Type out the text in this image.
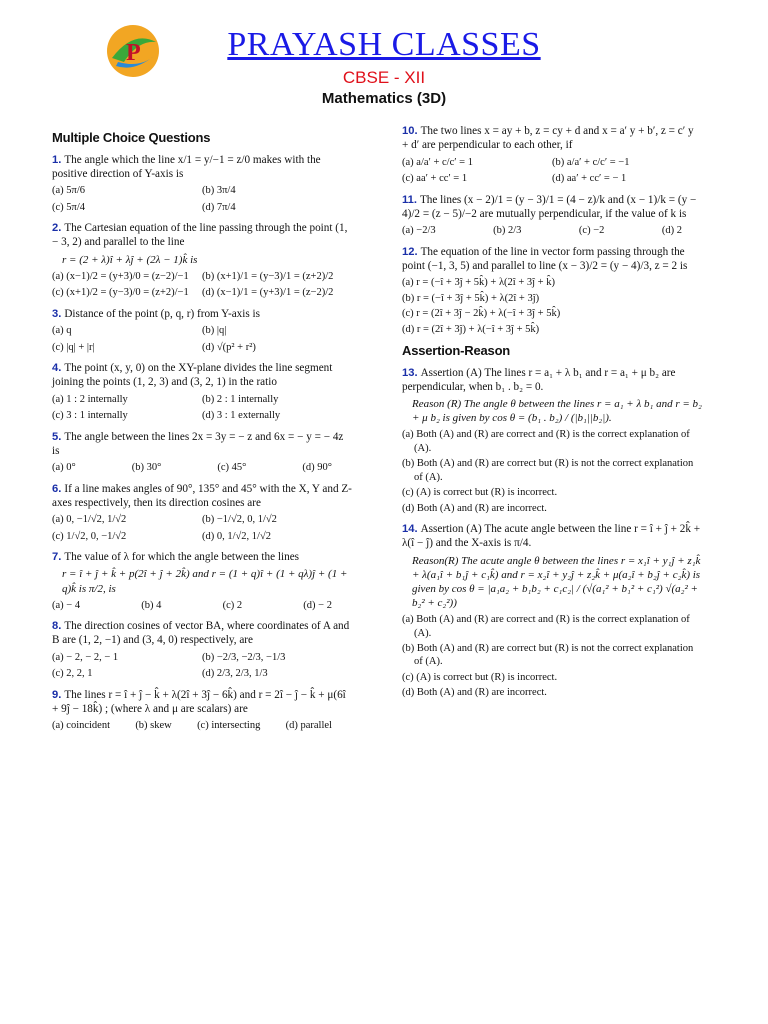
P	PRAYASH CLASSES
CBSE - XII
Mathematics (3D)
Multiple Choice Questions
1. The angle which the line x/1 = y/−1 = z/0 makes with the positive direction of Y-axis is
(a) 5π/6	(b) 3π/4
(c) 5π/4	(d) 7π/4
2. The Cartesian equation of the line passing through the point (1, − 3, 2) and parallel to the line
r = (2 + λ)î + λĵ + (2λ − 1)k̂ is
(a) (x−1)/2 = (y+3)/0 = (z−2)/−1	(b) (x+1)/1 = (y−3)/1 = (z+2)/2
(c) (x+1)/2 = (y−3)/0 = (z+2)/−1	(d) (x−1)/1 = (y+3)/1 = (z−2)/2
3. Distance of the point (p, q, r) from Y-axis is
(a) q	(b) |q|
(c) |q| + |r|	(d) √(p² + r²)
4. The point (x, y, 0) on the XY-plane divides the line segment joining the points (1, 2, 3) and (3, 2, 1) in the ratio
(a) 1 : 2 internally	(b) 2 : 1 internally
(c) 3 : 1 internally	(d) 3 : 1 externally
5. The angle between the lines 2x = 3y = − z and 6x = − y = − 4z is
(a) 0°	(b) 30°	(c) 45°	(d) 90°
6. If a line makes angles of 90°, 135° and 45° with the X, Y and Z-axes respectively, then its direction cosines are
(a) 0, −1/√2, 1/√2	(b) −1/√2, 0, 1/√2
(c) 1/√2, 0, −1/√2	(d) 0, 1/√2, 1/√2
7. The value of λ for which the angle between the lines
r = î + ĵ + k̂ + p(2î + ĵ + 2k̂) and r = (1 + q)î + (1 + qλ)ĵ + (1 + q)k̂ is π/2, is
(a) − 4	(b) 4	(c) 2	(d) − 2
8. The direction cosines of vector BA, where coordinates of A and B are (1, 2, −1) and (3, 4, 0) respectively, are
(a) − 2, − 2, − 1	(b) −2/3, −2/3, −1/3
(c) 2, 2, 1	(d) 2/3, 2/3, 1/3
9. The lines r = î + ĵ − k̂ + λ(2î + 3ĵ − 6k̂) and r = 2î − ĵ − k̂ + μ(6î + 9ĵ − 18k̂) ; (where λ and μ are scalars) are
(a) coincident (b) skew (c) intersecting (d) parallel
10. The two lines x = ay + b, z = cy + d and x = a′ y + b′, z = c′ y + d′ are perpendicular to each other, if
(a) a/a′ + c/c′ = 1	(b) a/a′ + c/c′ = −1
(c) aa′ + cc′ = 1	(d) aa′ + cc′ = − 1
11. The lines (x − 2)/1 = (y − 3)/1 = (4 − z)/k and (x − 1)/k = (y − 4)/2 = (z − 5)/−2 are mutually perpendicular, if the value of k is
(a) −2/3	(b) 2/3	(c) −2	(d) 2
12. The equation of the line in vector form passing through the point (−1, 3, 5) and parallel to line (x − 3)/2 = (y − 4)/3, z = 2 is
(a) r = (−î + 3ĵ + 5k̂) + λ(2î + 3ĵ + k̂)
(b) r = (−î + 3ĵ + 5k̂) + λ(2î + 3ĵ)
(c) r = (2î + 3ĵ − 2k̂) + λ(−î + 3ĵ + 5k̂)
(d) r = (2î + 3ĵ) + λ(−î + 3ĵ + 5k̂)
Assertion-Reason
13. Assertion (A) The lines r = a₁ + λ b₁ and r = a₁ + μ b₂ are perpendicular, when b₁ . b₂ = 0.
Reason (R) The angle θ between the lines r = a₁ + λ b₁ and r = b₂ + μ b₂ is given by cos θ = (b₁ . b₂) / (|b₁||b₂|).
(a) Both (A) and (R) are correct and (R) is the correct explanation of (A).
(b) Both (A) and (R) are correct but (R) is not the correct explanation of (A).
(c) (A) is correct but (R) is incorrect.
(d) Both (A) and (R) are incorrect.
14. Assertion (A) The acute angle between the line r = î + ĵ + 2k̂ + λ(î − ĵ) and the X-axis is π/4.
Reason(R) The acute angle θ between the lines r = x₁î + y₁ĵ + z₁k̂ + λ(a₁î + b₁ĵ + c₁k̂) and r = x₂î + y₂ĵ + z₂k̂ + μ(a₂î + b₂ĵ + c₂k̂) is given by cos θ = |a₁a₂ + b₁b₂ + c₁c₂| / (√(a₁² + b₁² + c₁²) √(a₂² + b₂² + c₂²))
(a) Both (A) and (R) are correct and (R) is the correct explanation of (A).
(b) Both (A) and (R) are correct but (R) is not the correct explanation of (A).
(c) (A) is correct but (R) is incorrect.
(d) Both (A) and (R) are incorrect.
